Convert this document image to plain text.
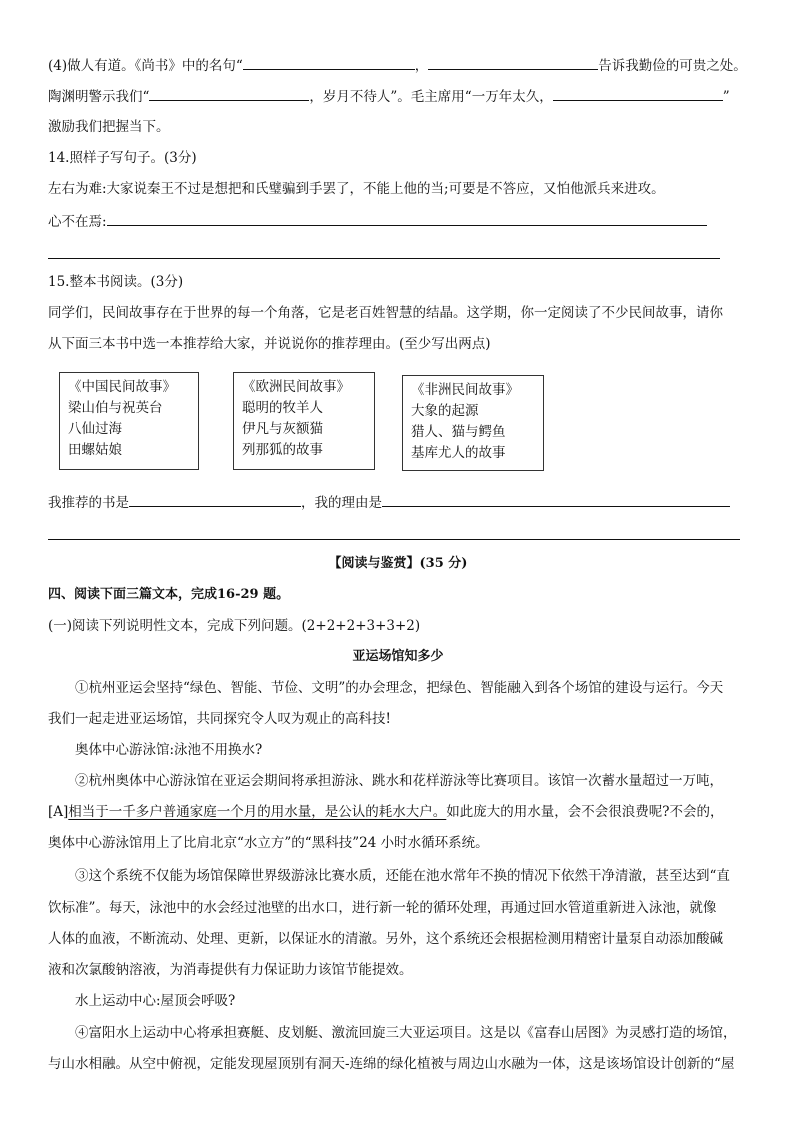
(4)做人有道。《尚书》中的名句“	，	告诉我勤俭的可贵之处。
陶渊明警示我们“	，岁月不待人”。毛主席用“一万年太久，	”
激励我们把握当下。
14.照样子写句子。(3分)
左右为难:大家说秦王不过是想把和氏璧骗到手罢了，不能上他的当;可要是不答应，又怕他派兵来进攻。
心不在焉:
15.整本书阅读。(3分)
同学们，民间故事存在于世界的每一个角落，它是老百姓智慧的结晶。这学期，你一定阅读了不少民间故事，请你
从下面三本书中选一本推荐给大家，并说说你的推荐理由。(至少写出两点)
《中国民间故事》
梁山伯与祝英台
八仙过海
田螺姑娘
《欧洲民间故事》
聪明的牧羊人
伊凡与灰额猫
列那狐的故事
《非洲民间故事》
大象的起源
猎人、猫与鳄鱼
基库尤人的故事
我推荐的书是	，我的理由是
【阅读与鉴赏】(35 分)
四、阅读下面三篇文本，完成16-29 题。
(一)阅读下列说明性文本，完成下列问题。(2+2+2+3+3+2)
亚运场馆知多少
①杭州亚运会坚持“绿色、智能、节俭、文明”的办会理念，把绿色、智能融入到各个场馆的建设与运行。今天
我们一起走进亚运场馆，共同探究令人叹为观止的高科技!
奥体中心游泳馆:泳池不用换水?
②杭州奥体中心游泳馆在亚运会期间将承担游泳、跳水和花样游泳等比赛项目。该馆一次蓄水量超过一万吨，
[A]相当于一千多户普通家庭一个月的用水量，是公认的耗水大户。如此庞大的用水量，会不会很浪费呢?不会的，
奥体中心游泳馆用上了比肩北京“水立方”的“黑科技”24 小时水循环系统。
③这个系统不仅能为场馆保障世界级游泳比赛水质，还能在池水常年不换的情况下依然干净清澈，甚至达到“直
饮标准”。每天，泳池中的水会经过池壁的出水口，进行新一轮的循环处理，再通过回水管道重新进入泳池，就像
人体的血液，不断流动、处理、更新，以保证水的清澈。另外，这个系统还会根据检测用精密计量泵自动添加酸碱
液和次氯酸钠溶液，为消毒提供有力保证助力该馆节能提效。
水上运动中心:屋顶会呼吸?
④富阳水上运动中心将承担赛艇、皮划艇、激流回旋三大亚运项目。这是以《富春山居图》为灵感打造的场馆，
与山水相融。从空中俯视，定能发现屋顶别有洞天-连绵的绿化植被与周边山水融为一体，这是该场馆设计创新的“屋
